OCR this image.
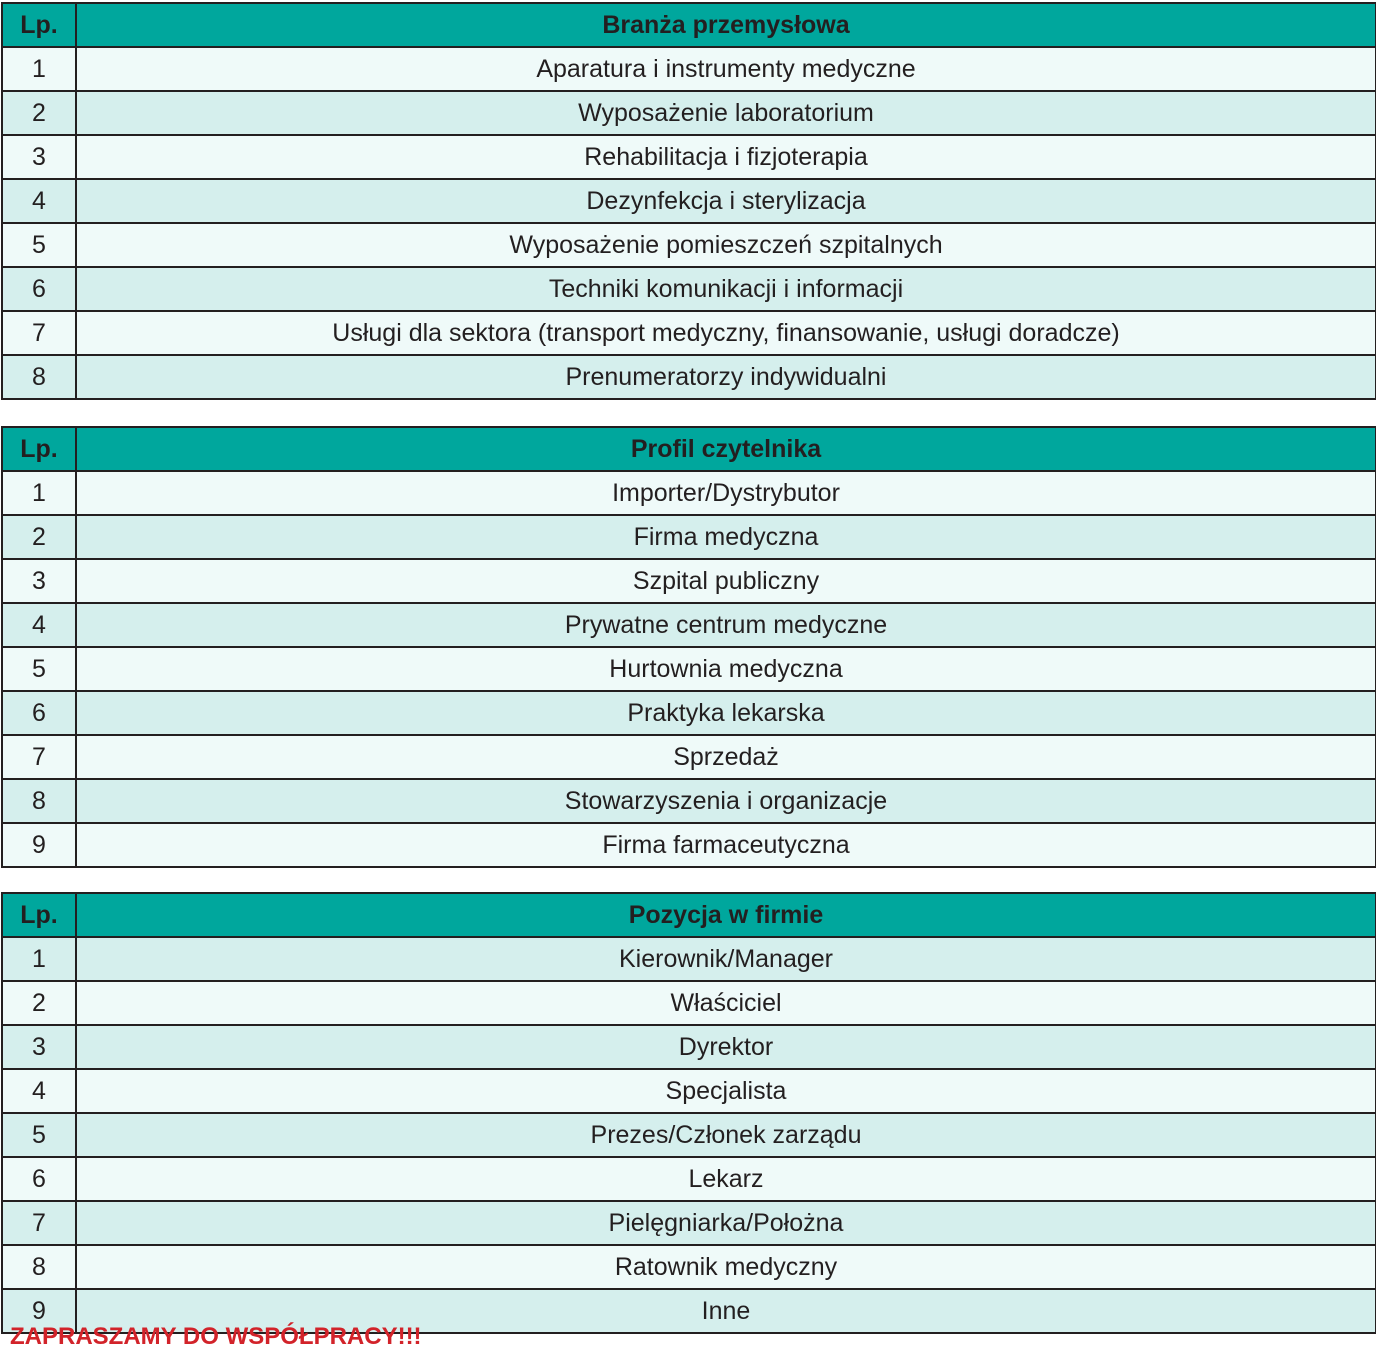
Lp.	Branża przemysłowa
1	Aparatura i instrumenty medyczne
2	Wyposażenie laboratorium
3	Rehabilitacja i fizjoterapia
4	Dezynfekcja i sterylizacja
5	Wyposażenie pomieszczeń szpitalnych
6	Techniki komunikacji i informacji
7	Usługi dla sektora (transport medyczny, finansowanie, usługi doradcze)
8	Prenumeratorzy indywidualni
Lp.	Profil czytelnika
1	Importer/Dystrybutor
2	Firma medyczna
3	Szpital publiczny
4	Prywatne centrum medyczne
5	Hurtownia medyczna
6	Praktyka lekarska
7	Sprzedaż
8	Stowarzyszenia i organizacje
9	Firma farmaceutyczna
Lp.	Pozycja w firmie
1	Kierownik/Manager
2	Właściciel
3	Dyrektor
4	Specjalista
5	Prezes/Członek zarządu
6	Lekarz
7	Pielęgniarka/Położna
8	Ratownik medyczny
9	Inne

ZAPRASZAMY DO WSPÓŁPRACY!!!
